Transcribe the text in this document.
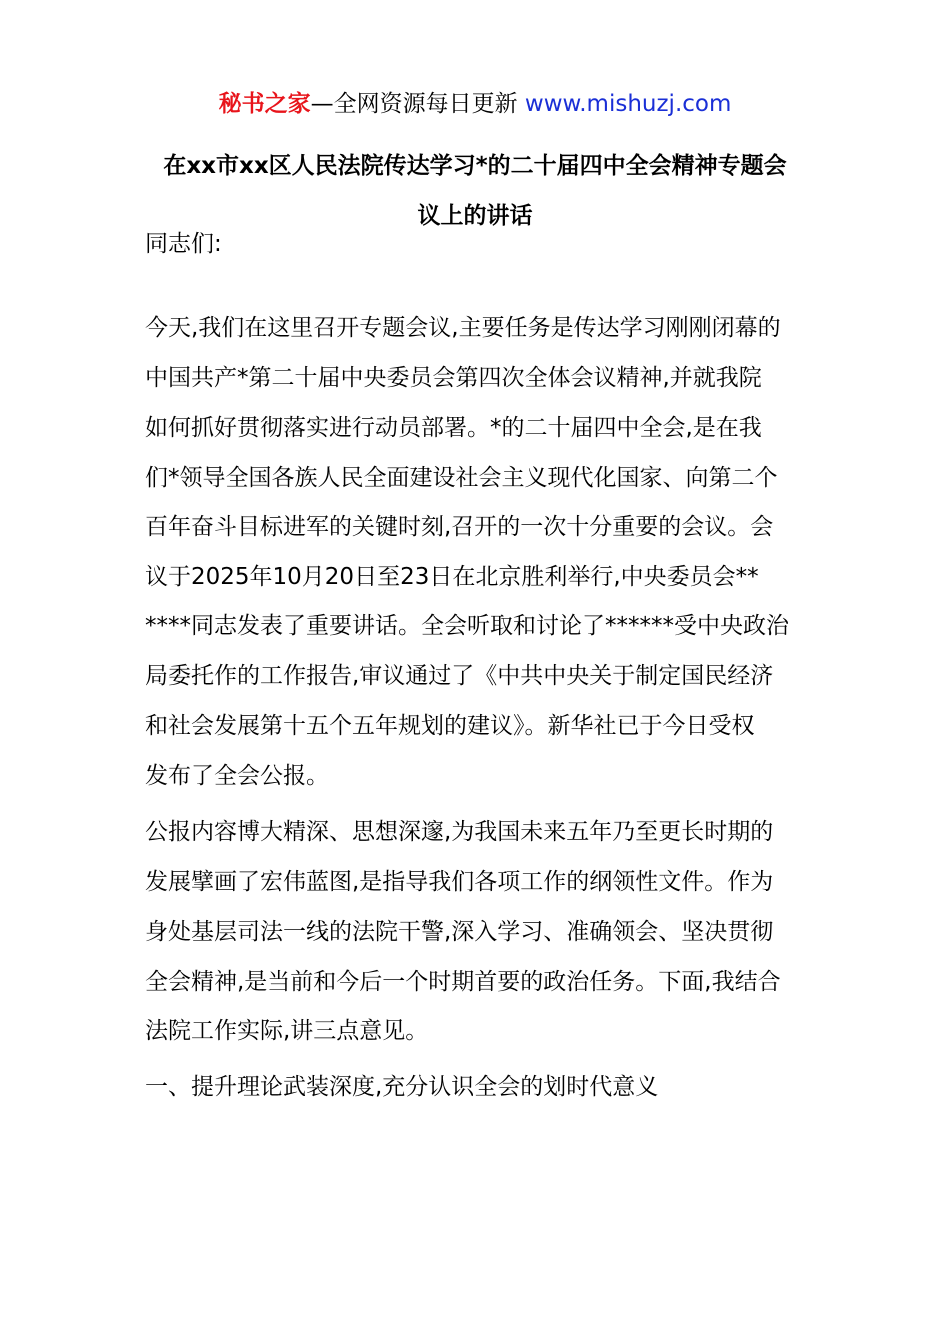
秘书之家—全网资源每日更新 www.mishuzj.com
在xx市xx区人民法院传达学习*的二十届四中全会精神专题会
议上的讲话
同志们:
今天,我们在这里召开专题会议,主要任务是传达学习刚刚闭幕的
中国共产*第二十届中央委员会第四次全体会议精神,并就我院
如何抓好贯彻落实进行动员部署。*的二十届四中全会,是在我
们*领导全国各族人民全面建设社会主义现代化国家、向第二个
百年奋斗目标进军的关键时刻,召开的一次十分重要的会议。会
议于2025年10月20日至23日在北京胜利举行,中央委员会**
****同志发表了重要讲话。全会听取和讨论了******受中央政治
局委托作的工作报告,审议通过了《中共中央关于制定国民经济
和社会发展第十五个五年规划的建议》。新华社已于今日受权
发布了全会公报。
公报内容博大精深、思想深邃,为我国未来五年乃至更长时期的
发展擘画了宏伟蓝图,是指导我们各项工作的纲领性文件。作为
身处基层司法一线的法院干警,深入学习、准确领会、坚决贯彻
全会精神,是当前和今后一个时期首要的政治任务。下面,我结合
法院工作实际,讲三点意见。
一、提升理论武装深度,充分认识全会的划时代意义
